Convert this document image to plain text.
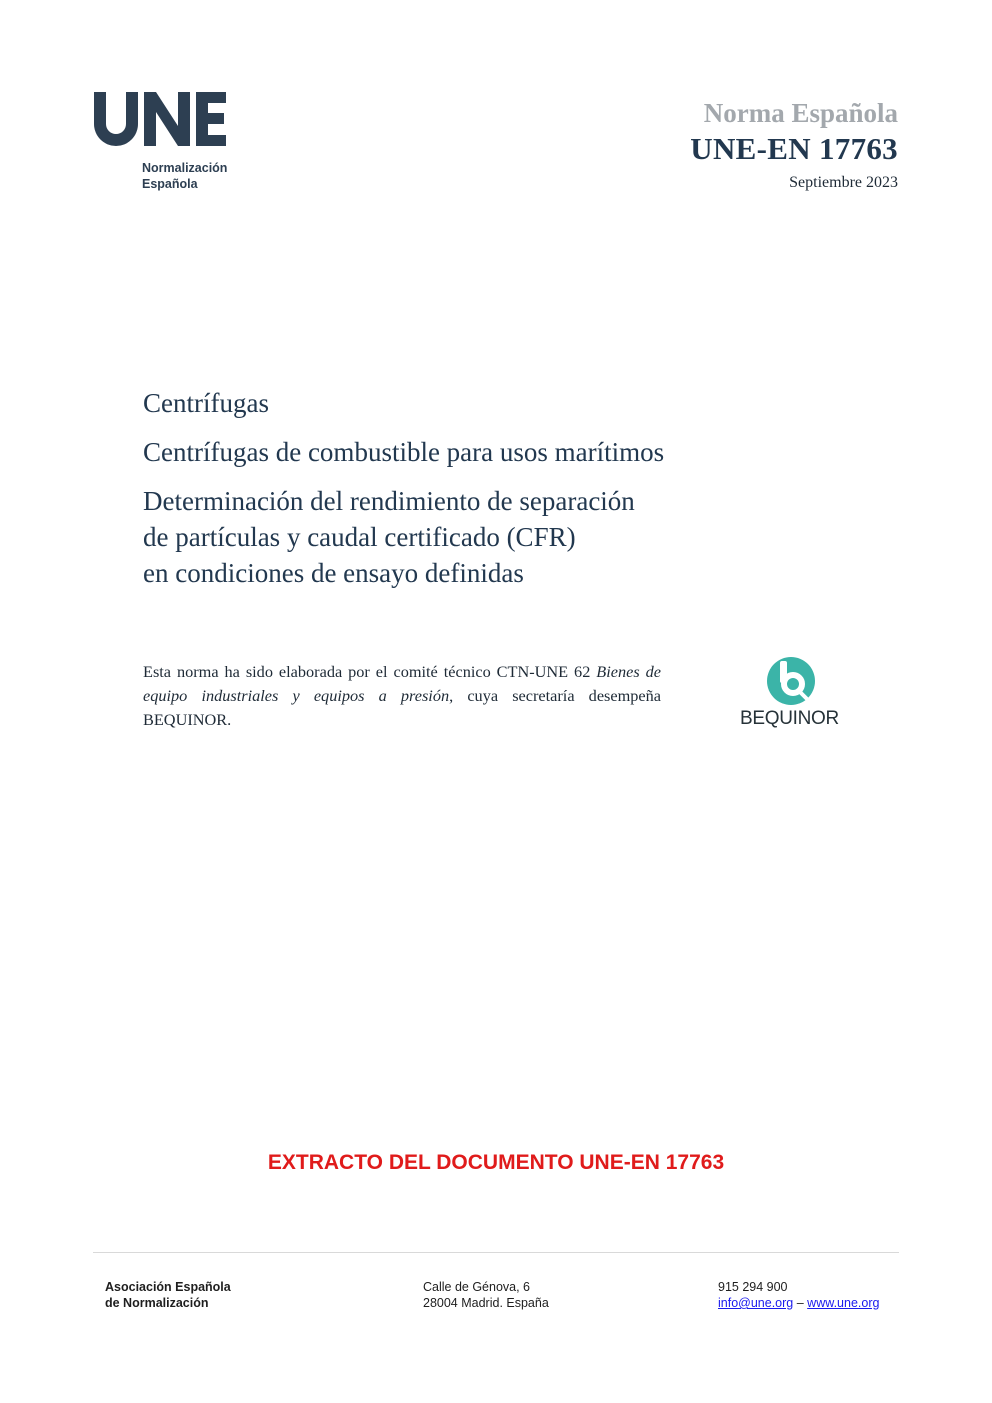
Normalización
Española
Norma Española
UNE-EN 17763
Septiembre 2023
Centrífugas
Centrífugas de combustible para usos marítimos
Determinación del rendimiento de separación
de partículas y caudal certificado (CFR)
en condiciones de ensayo definidas
Esta norma ha sido elaborada por el comité técnico CTN-UNE 62 Bienes de equipo industriales y equipos a presión, cuya secretaría desempeña BEQUINOR.	BEQUINOR
EXTRACTO DEL DOCUMENTO UNE-EN 17763
Asociación Española
de Normalización
Calle de Génova, 6
28004 Madrid. España
915 294 900
info@une.org – www.une.org
